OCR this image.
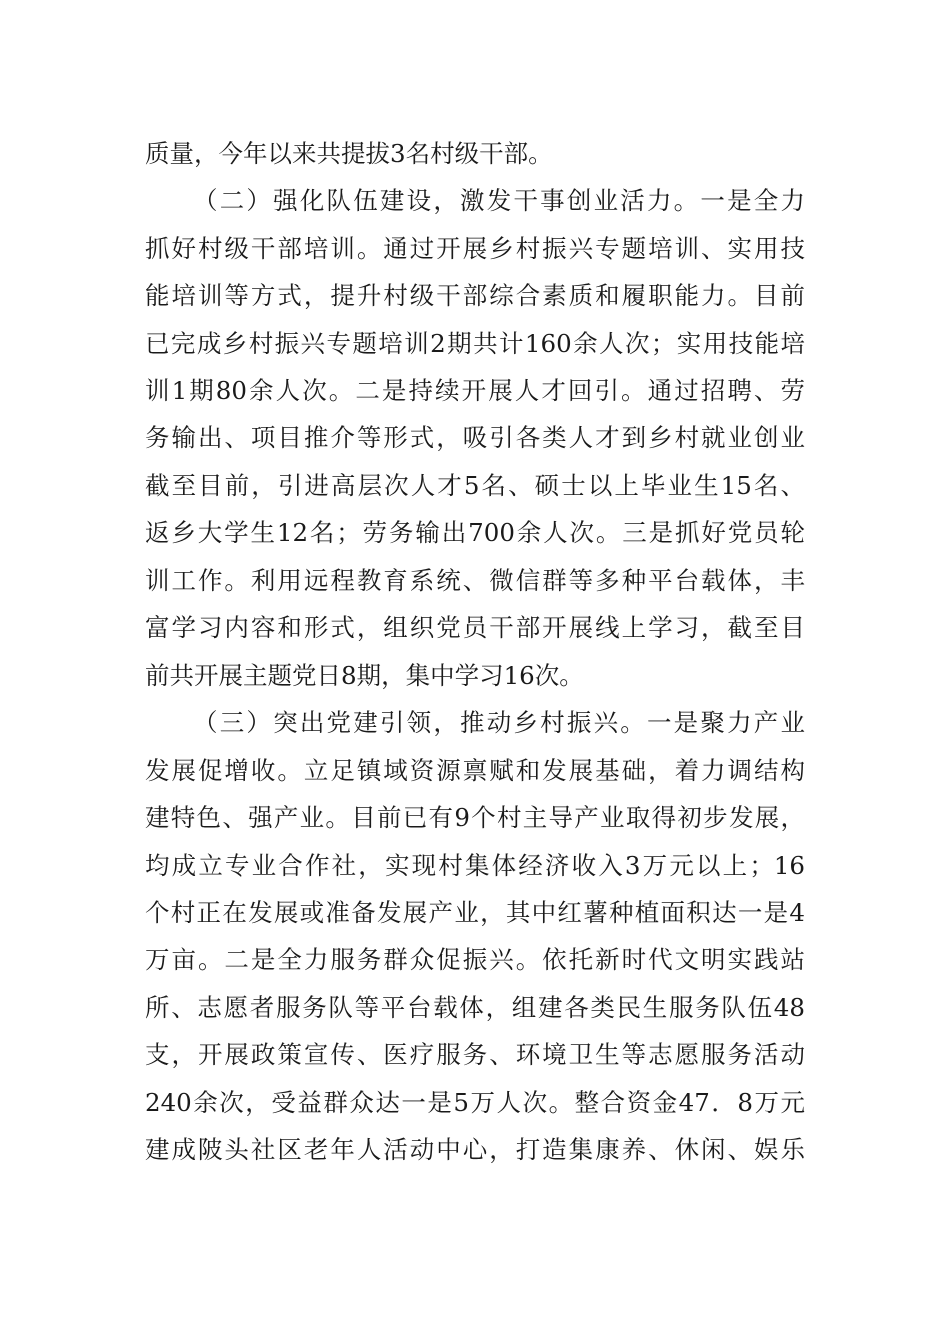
质量，今年以来共提拔3名村级干部。
（二）强化队伍建设，激发干事创业活力。一是全力
抓好村级干部培训。通过开展乡村振兴专题培训、实用技
能培训等方式，提升村级干部综合素质和履职能力。目前
已完成乡村振兴专题培训2期共计160余人次；实用技能培
训1期80余人次。二是持续开展人才回引。通过招聘、劳
务输出、项目推介等形式，吸引各类人才到乡村就业创业
截至目前，引进高层次人才5名、硕士以上毕业生15名、
返乡大学生12名；劳务输出700余人次。三是抓好党员轮
训工作。利用远程教育系统、微信群等多种平台载体，丰
富学习内容和形式，组织党员干部开展线上学习，截至目
前共开展主题党日8期，集中学习16次。
（三）突出党建引领，推动乡村振兴。一是聚力产业
发展促增收。立足镇域资源禀赋和发展基础，着力调结构
建特色、强产业。目前已有9个村主导产业取得初步发展，
均成立专业合作社，实现村集体经济收入3万元以上；16
个村正在发展或准备发展产业，其中红薯种植面积达一是4
万亩。二是全力服务群众促振兴。依托新时代文明实践站
所、志愿者服务队等平台载体，组建各类民生服务队伍48
支，开展政策宣传、医疗服务、环境卫生等志愿服务活动
240余次，受益群众达一是5万人次。整合资金47．8万元
建成陂头社区老年人活动中心，打造集康养、休闲、娱乐
